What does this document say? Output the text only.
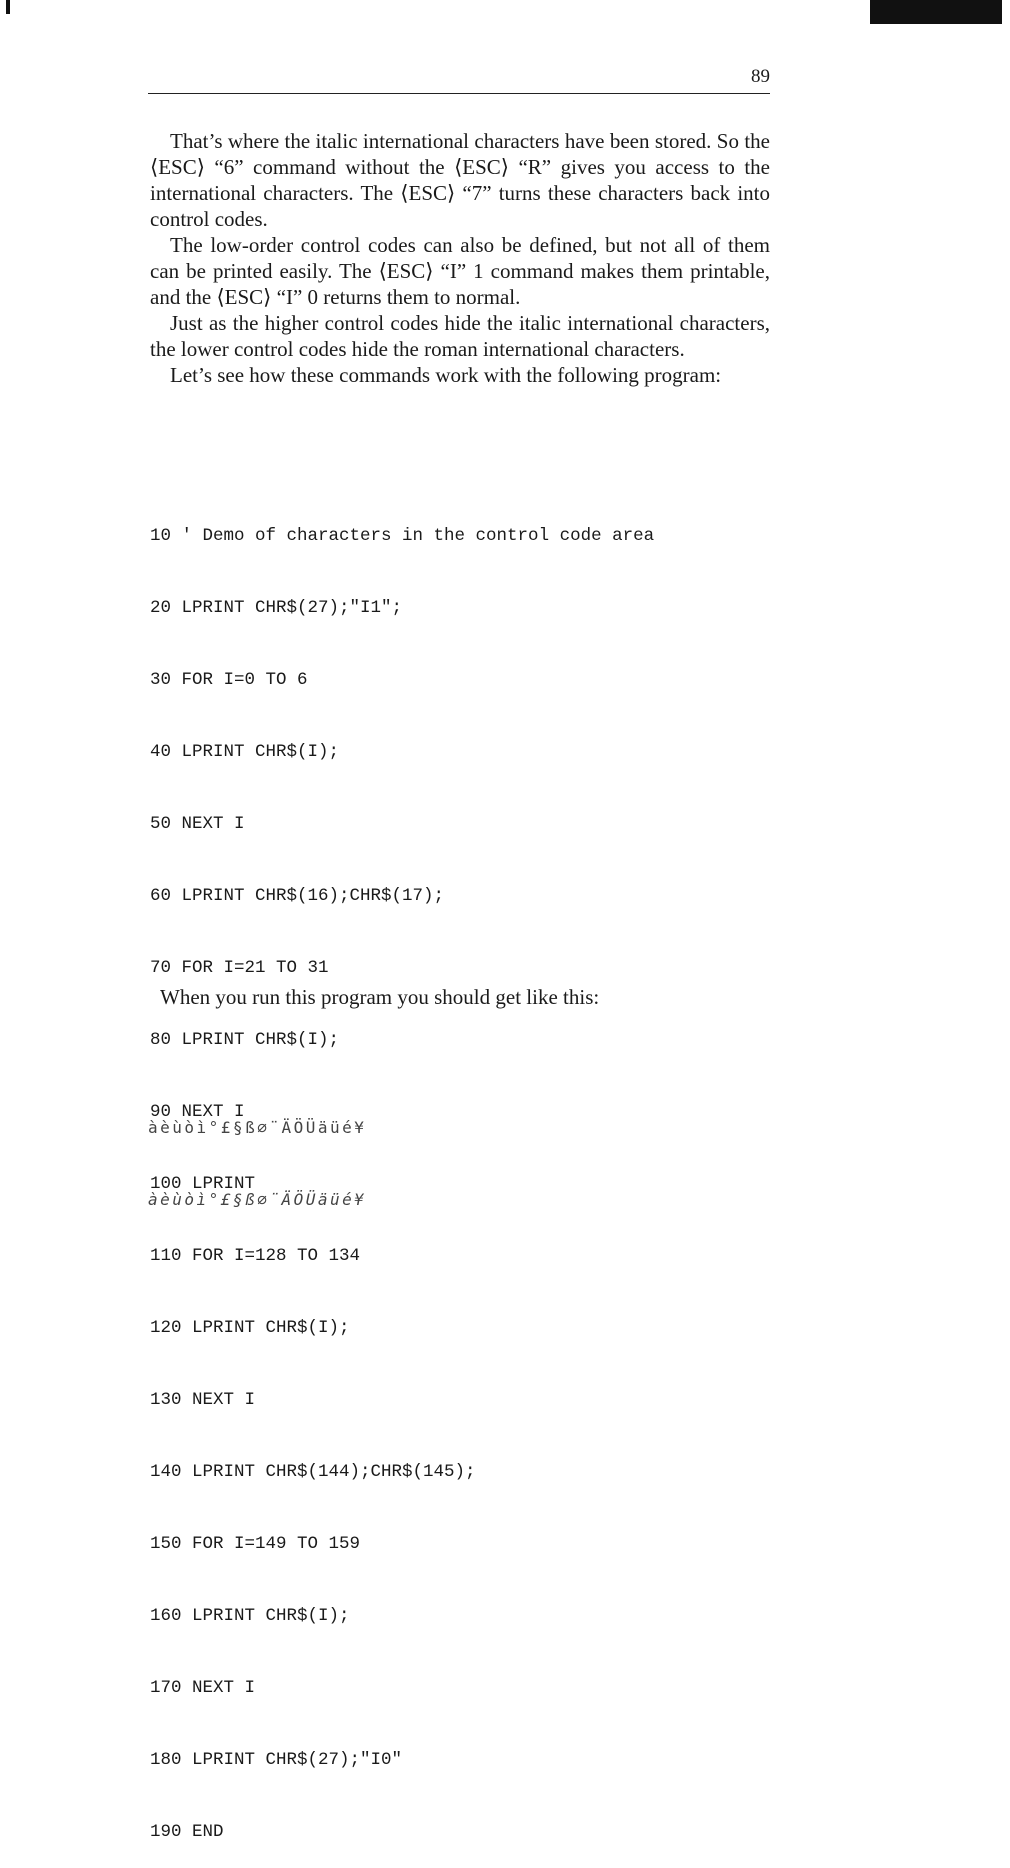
89

That’s where the italic international characters have been stored. So the ⟨ESC⟩ “6” command without the ⟨ESC⟩ “R” gives you access to the international characters. The ⟨ESC⟩ “7” turns these characters back into control codes.

The low-order control codes can also be defined, but not all of them can be printed easily. The ⟨ESC⟩ “I” 1 command makes them printable, and the ⟨ESC⟩ “I” 0 returns them to normal.

Just as the higher control codes hide the italic international characters, the lower control codes hide the roman international characters.

Let’s see how these commands work with the following program:

10 ' Demo of characters in the control code area

20 LPRINT CHR$(27);"I1";

30 FOR I=0 TO 6

40 LPRINT CHR$(I);

50 NEXT I

60 LPRINT CHR$(16);CHR$(17);

70 FOR I=21 TO 31

80 LPRINT CHR$(I);

90 NEXT I

100 LPRINT

110 FOR I=128 TO 134

120 LPRINT CHR$(I);

130 NEXT I

140 LPRINT CHR$(144);CHR$(145);

150 FOR I=149 TO 159

160 LPRINT CHR$(I);

170 NEXT I

180 LPRINT CHR$(27);"I0"

190 END

When you run this program you should get like this:

àèùòì°£§ß∅¨ÄÖÜäüé¥

àèùòì°£§ß∅¨ÄÖÜäüé¥
